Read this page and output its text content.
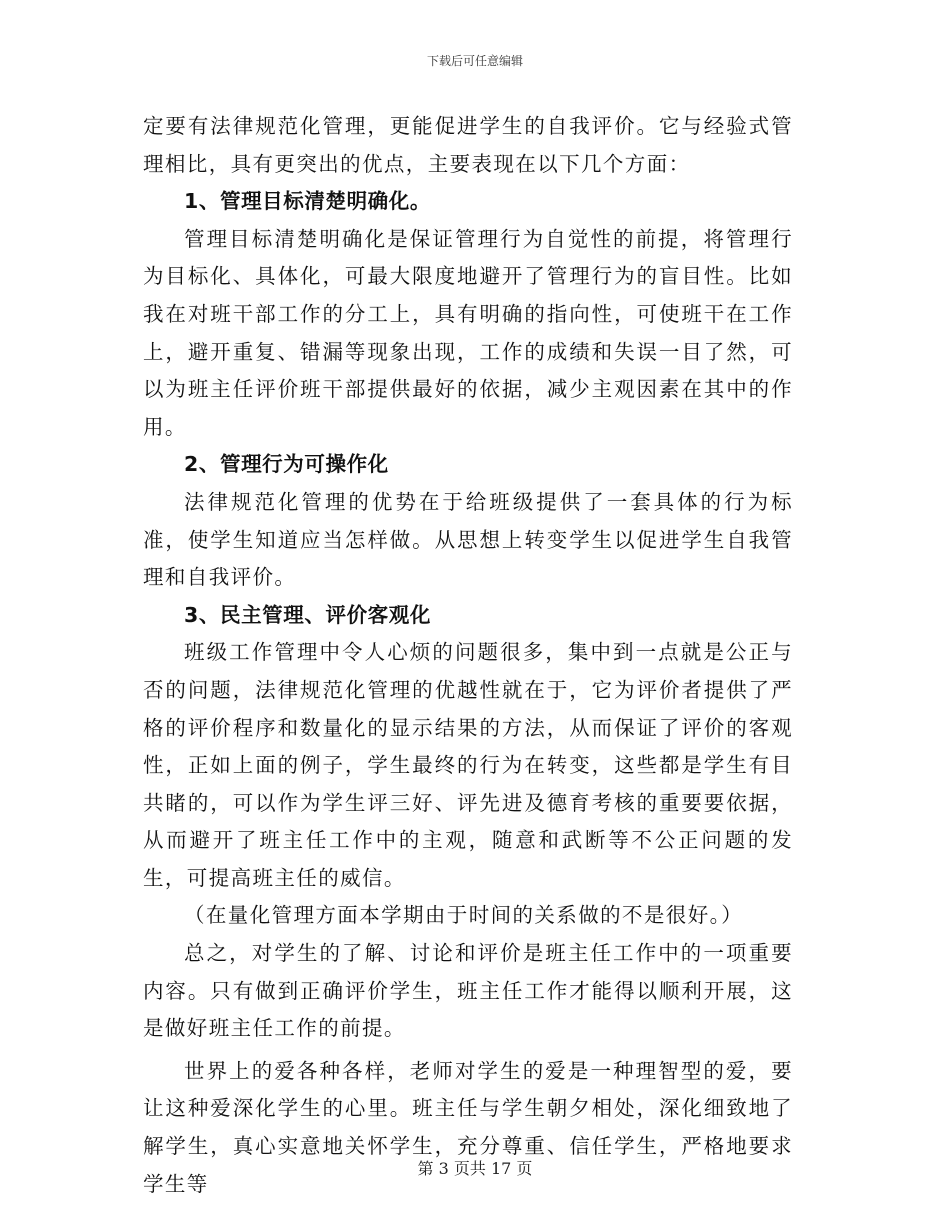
下载后可任意编辑

定要有法律规范化管理，更能促进学生的自我评价。它与经验式管理相比，具有更突出的优点，主要表现在以下几个方面：

1、管理目标清楚明确化。

管理目标清楚明确化是保证管理行为自觉性的前提，将管理行为目标化、具体化，可最大限度地避开了管理行为的盲目性。比如我在对班干部工作的分工上，具有明确的指向性，可使班干在工作上，避开重复、错漏等现象出现，工作的成绩和失误一目了然，可以为班主任评价班干部提供最好的依据，减少主观因素在其中的作用。

2、管理行为可操作化

法律规范化管理的优势在于给班级提供了一套具体的行为标准，使学生知道应当怎样做。从思想上转变学生以促进学生自我管理和自我评价。

3、民主管理、评价客观化

班级工作管理中令人心烦的问题很多，集中到一点就是公正与否的问题，法律规范化管理的优越性就在于，它为评价者提供了严格的评价程序和数量化的显示结果的方法，从而保证了评价的客观性，正如上面的例子，学生最终的行为在转变，这些都是学生有目共睹的，可以作为学生评三好、评先进及德育考核的重要要依据，从而避开了班主任工作中的主观，随意和武断等不公正问题的发生，可提高班主任的威信。

（在量化管理方面本学期由于时间的关系做的不是很好。）

总之，对学生的了解、讨论和评价是班主任工作中的一项重要内容。只有做到正确评价学生，班主任工作才能得以顺利开展，这是做好班主任工作的前提。

世界上的爱各种各样，老师对学生的爱是一种理智型的爱，要让这种爱深化学生的心里。班主任与学生朝夕相处，深化细致地了解学生，真心实意地关怀学生，充分尊重、信任学生，严格地要求学生等

第 3 页共 17 页
